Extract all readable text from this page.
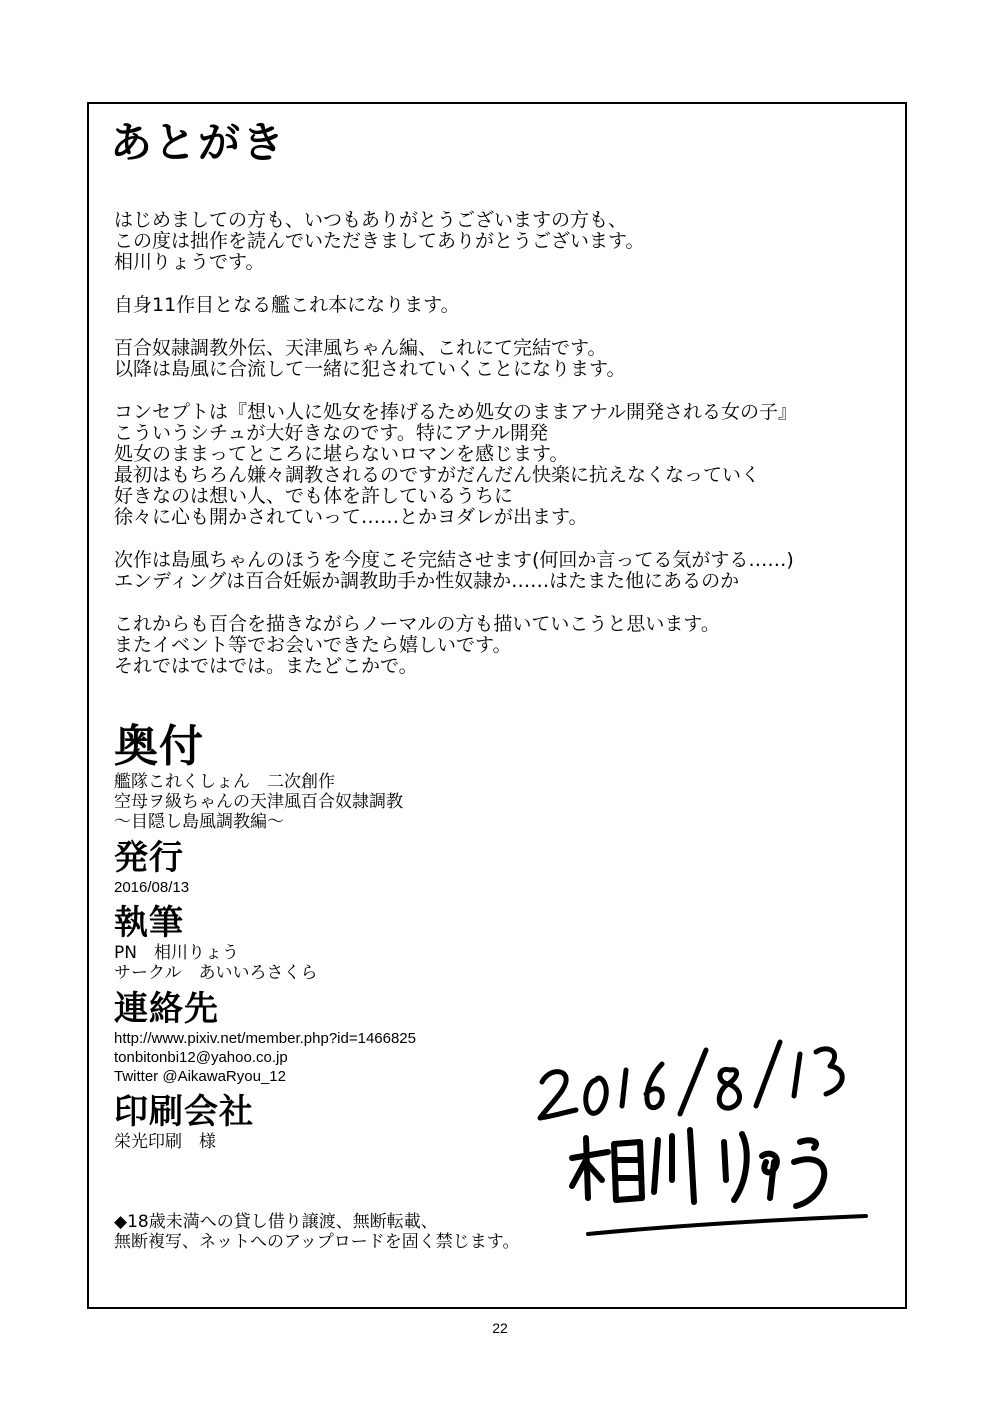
あとがき
はじめましての方も、いつもありがとうございますの方も、
この度は拙作を読んでいただきましてありがとうございます。
相川りょうです。
自身11作目となる艦これ本になります。
百合奴隷調教外伝、天津風ちゃん編、これにて完結です。
以降は島風に合流して一緒に犯されていくことになります。
コンセプトは『想い人に処女を捧げるため処女のままアナル開発される女の子』
こういうシチュが大好きなのです。特にアナル開発
処女のままってところに堪らないロマンを感じます。
最初はもちろん嫌々調教されるのですがだんだん快楽に抗えなくなっていく
好きなのは想い人、でも体を許しているうちに
徐々に心も開かされていって……とかヨダレが出ます。
次作は島風ちゃんのほうを今度こそ完結させます(何回か言ってる気がする……)
エンディングは百合妊娠か調教助手か性奴隷か……はたまた他にあるのか
これからも百合を描きながらノーマルの方も描いていこうと思います。
またイベント等でお会いできたら嬉しいです。
それではではでは。またどこかで。
奥付
艦隊これくしょん　二次創作
空母ヲ級ちゃんの天津風百合奴隷調教
～目隠し島風調教編～
発行
2016/08/13
執筆
PN　相川りょう
サークル　あいいろさくら
連絡先
http://www.pixiv.net/member.php?id=1466825
tonbitonbi12@yahoo.co.jp
Twitter @AikawaRyou_12
印刷会社
栄光印刷　様
◆18歳未満への貸し借り譲渡、無断転載、
無断複写、ネットへのアップロードを固く禁じます。
22
